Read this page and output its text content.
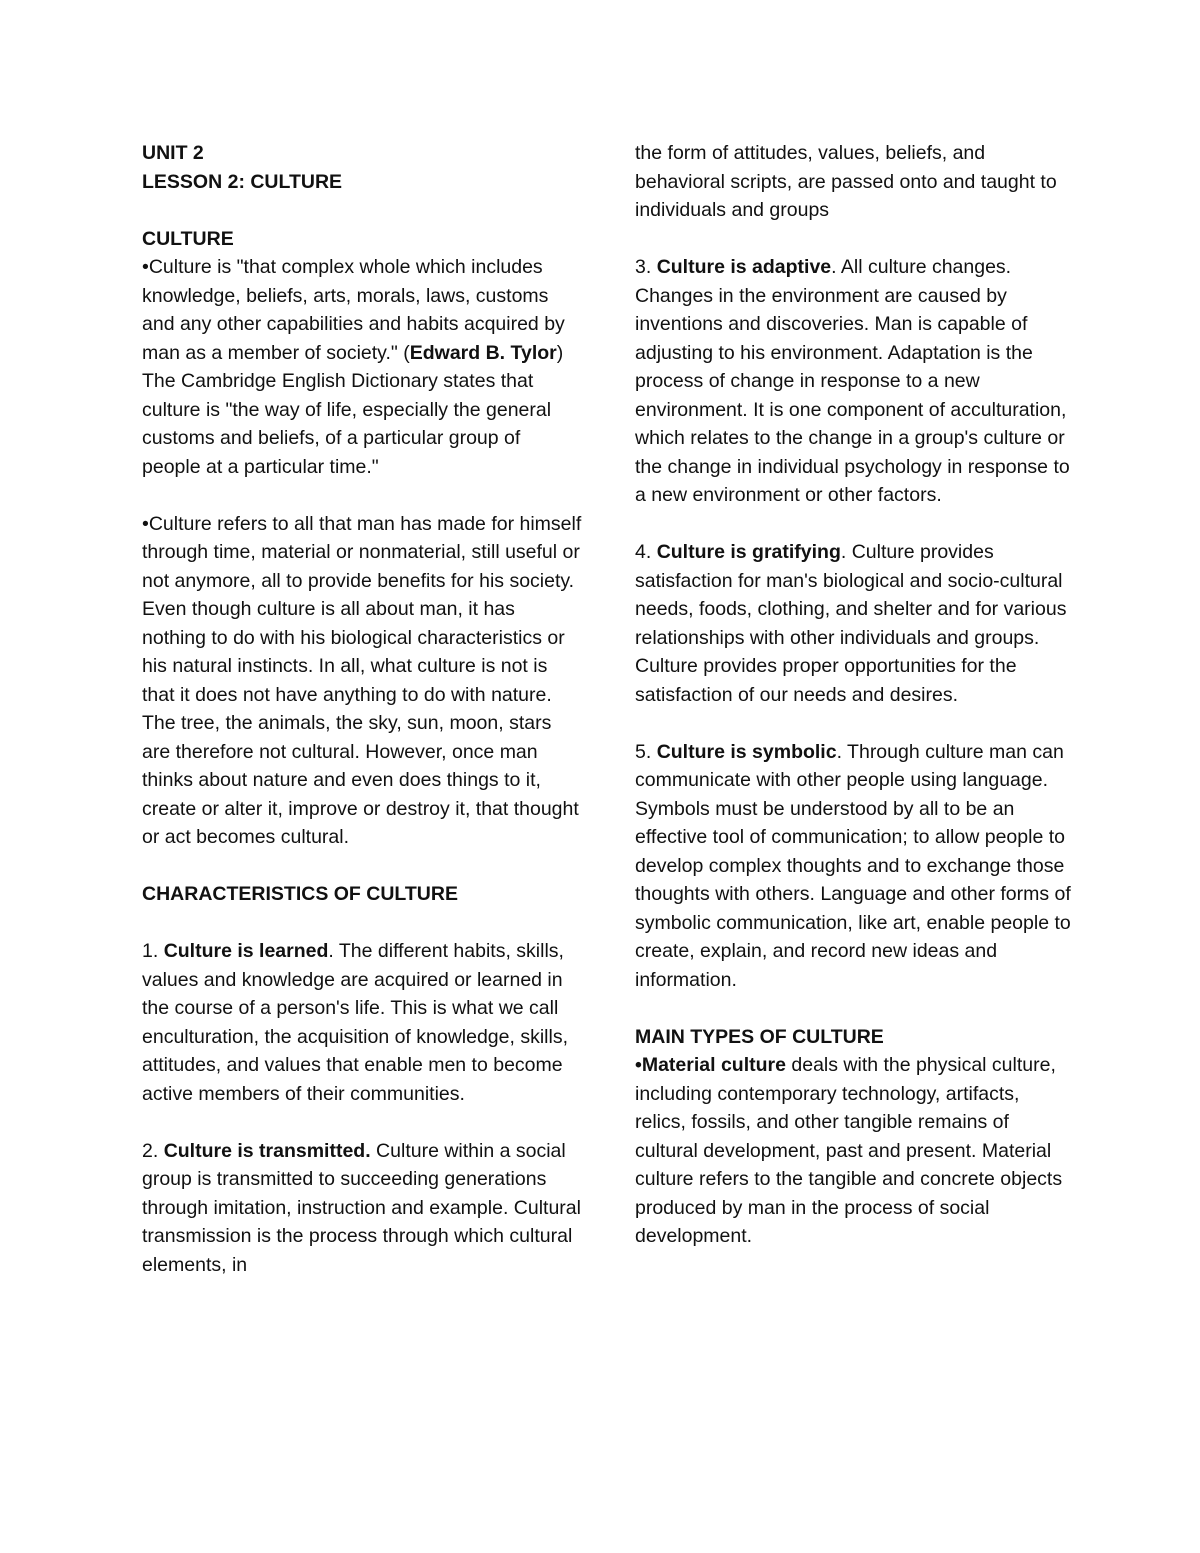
UNIT 2
LESSON 2: CULTURE
CULTURE

•Culture is "that complex whole which includes knowledge, beliefs, arts, morals, laws, customs and any other capabilities and habits acquired by man as a member of society." (Edward B. Tylor) The Cambridge English Dictionary states that culture is "the way of life, especially the general customs and beliefs, of a particular group of people at a particular time."

•Culture refers to all that man has made for himself through time, material or nonmaterial, still useful or not anymore, all to provide benefits for his society.

Even though culture is all about man, it has nothing to do with his biological characteristics or his natural instincts. In all, what culture is not is that it does not have anything to do with nature. The tree, the animals, the sky, sun, moon, stars are therefore not cultural. However, once man thinks about nature and even does things to it, create or alter it, improve or destroy it, that thought or act becomes cultural.

CHARACTERISTICS OF CULTURE

1. Culture is learned. The different habits, skills, values and knowledge are acquired or learned in the course of a person's life. This is what we call enculturation, the acquisition of knowledge, skills, attitudes, and values that enable men to become active members of their communities.

2. Culture is transmitted. Culture within a social group is transmitted to succeeding generations through imitation, instruction and example. Cultural transmission is the process through which cultural elements, in

the form of attitudes, values, beliefs, and behavioral scripts, are passed onto and taught to individuals and groups

3. Culture is adaptive. All culture changes. Changes in the environment are caused by inventions and discoveries. Man is capable of adjusting to his environment. Adaptation is the process of change in response to a new environment. It is one component of acculturation, which relates to the change in a group's culture or the change in individual psychology in response to a new environment or other factors.

4. Culture is gratifying. Culture provides satisfaction for man's biological and socio-cultural needs, foods, clothing, and shelter and for various relationships with other individuals and groups. Culture provides proper opportunities for the satisfaction of our needs and desires.

5. Culture is symbolic. Through culture man can communicate with other people using language. Symbols must be understood by all to be an effective tool of communication; to allow people to develop complex thoughts and to exchange those thoughts with others. Language and other forms of symbolic communication, like art, enable people to create, explain, and record new ideas and information.

MAIN TYPES OF CULTURE

•Material culture deals with the physical culture, including contemporary technology, artifacts, relics, fossils, and other tangible remains of cultural development, past and present. Material culture refers to the tangible and concrete objects produced by man in the process of social development.
